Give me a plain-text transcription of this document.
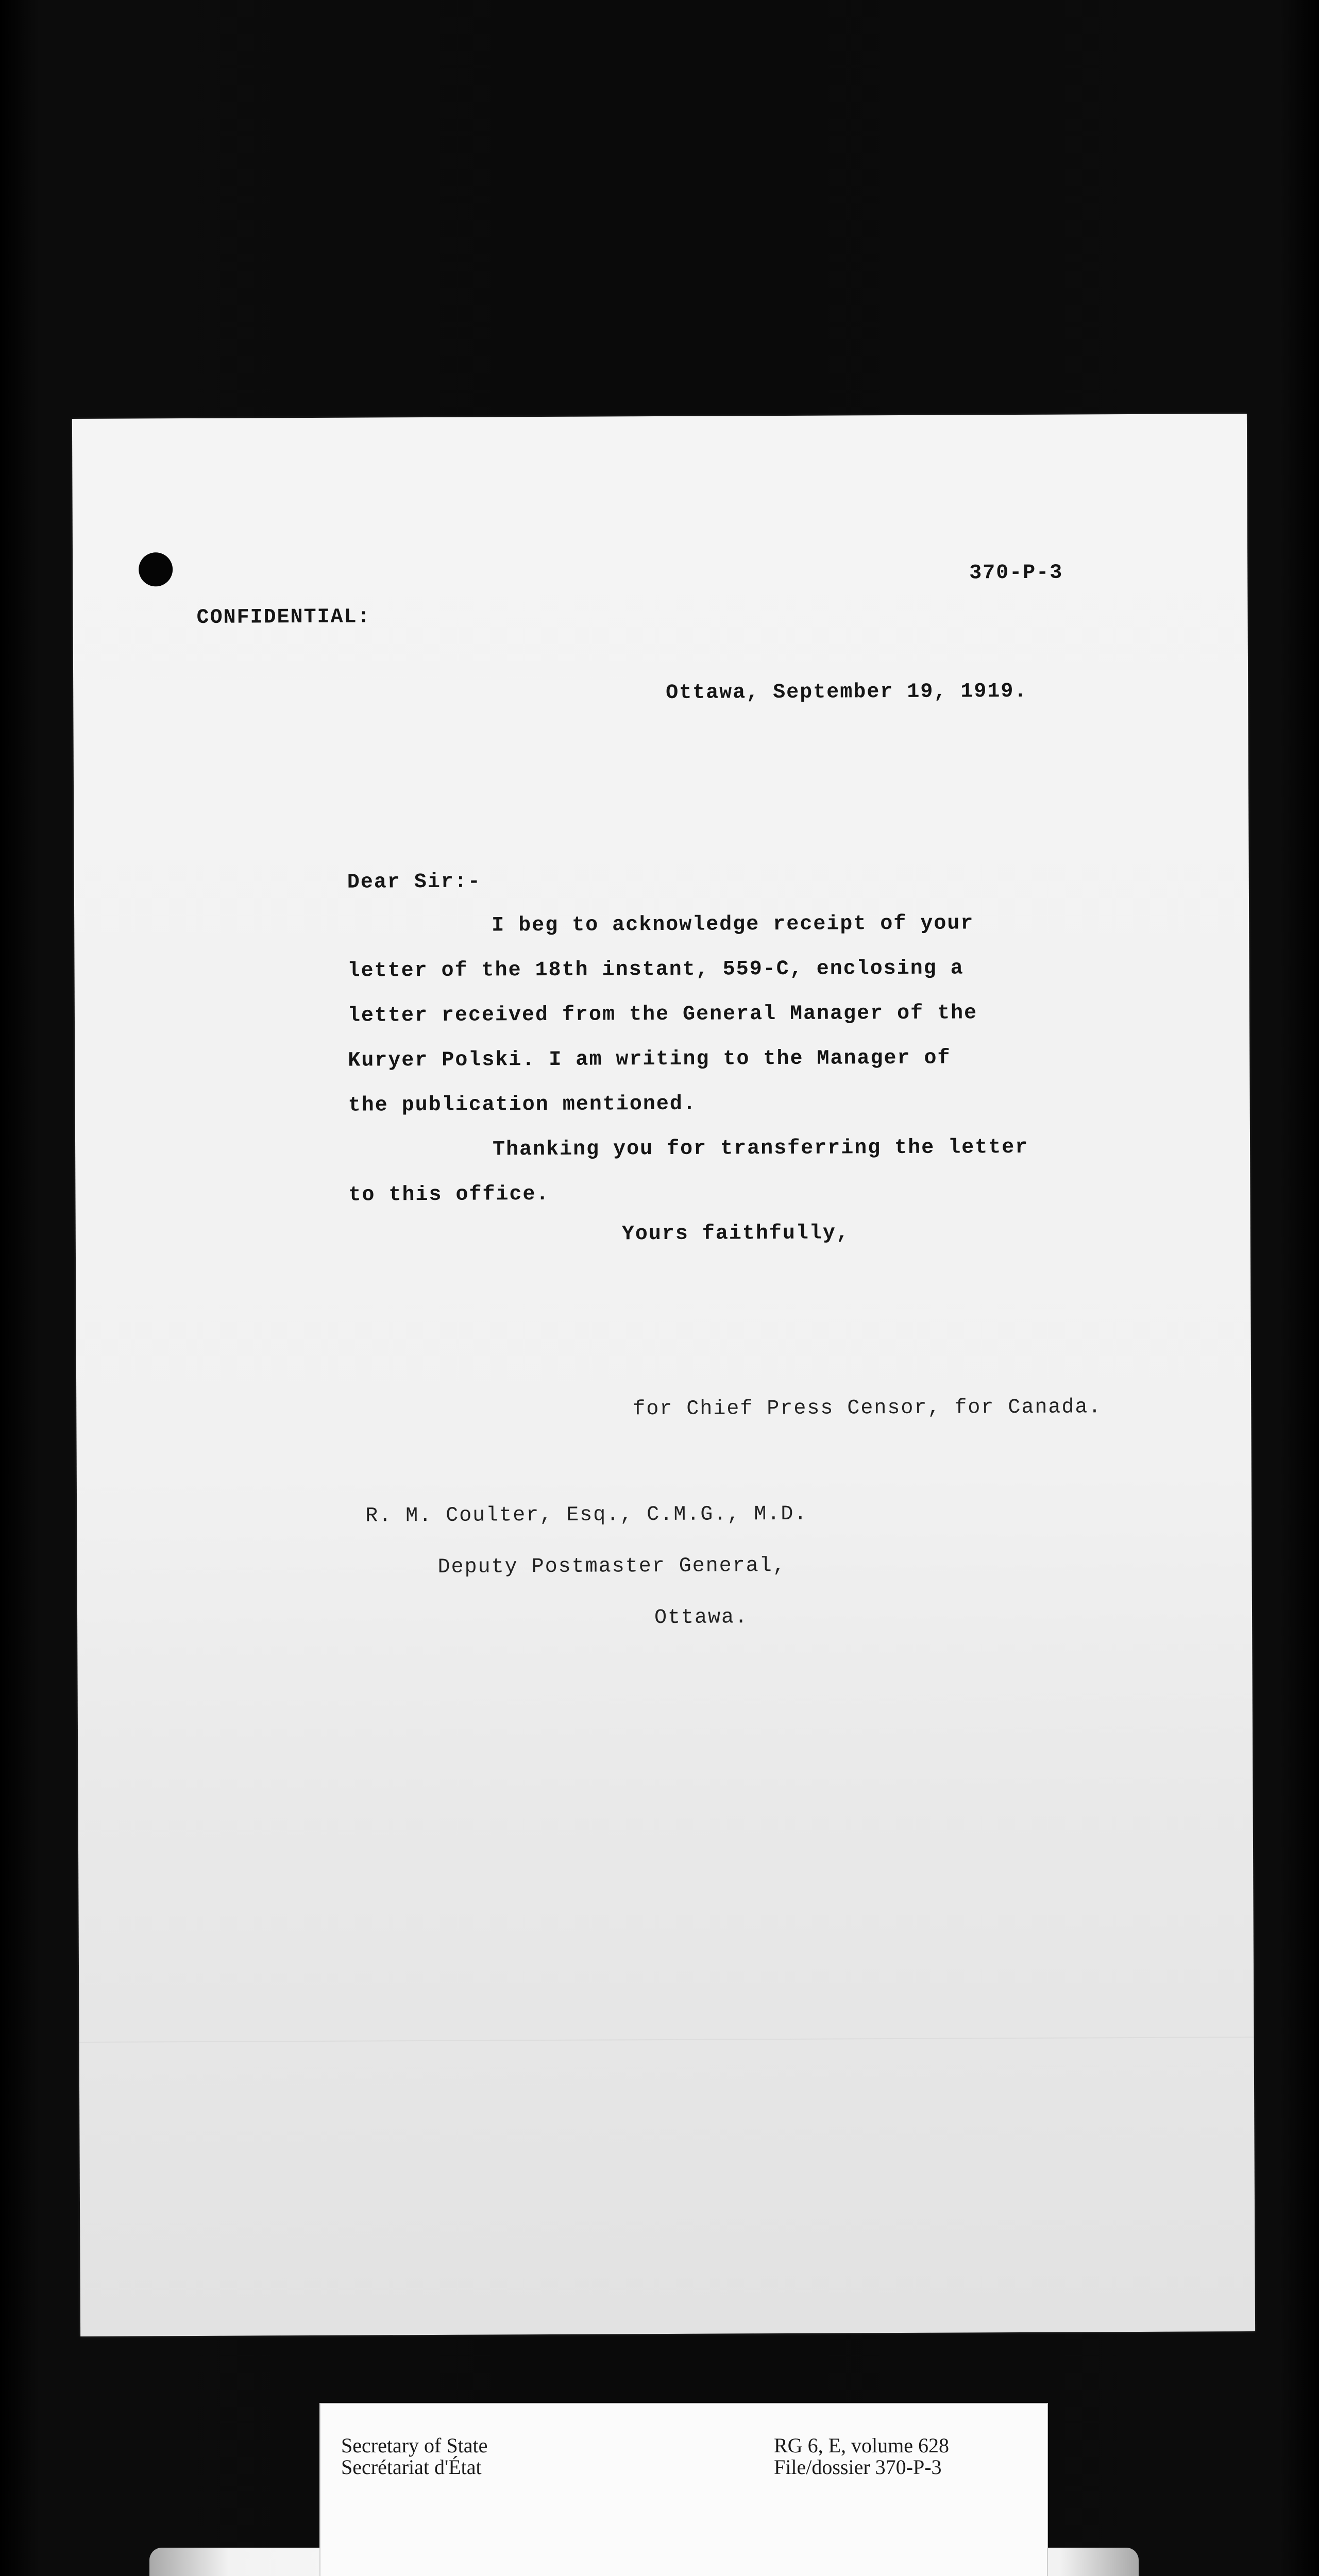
370-P-3
CONFIDENTIAL:
Ottawa, September 19, 1919.
Dear Sir:-
I beg to acknowledge receipt of your
letter of the 18th instant, 559-C, enclosing a
letter received from the General Manager of the
Kuryer Polski. I am writing to the Manager of
the publication mentioned.
Thanking you for transferring the letter
to this office.
Yours faithfully,
for Chief Press Censor, for Canada.
R. M. Coulter, Esq., C.M.G., M.D.
Deputy Postmaster General,
Ottawa.
Secretary of State
Secrétariat d'État
RG 6, E, volume 628
File/dossier 370-P-3
